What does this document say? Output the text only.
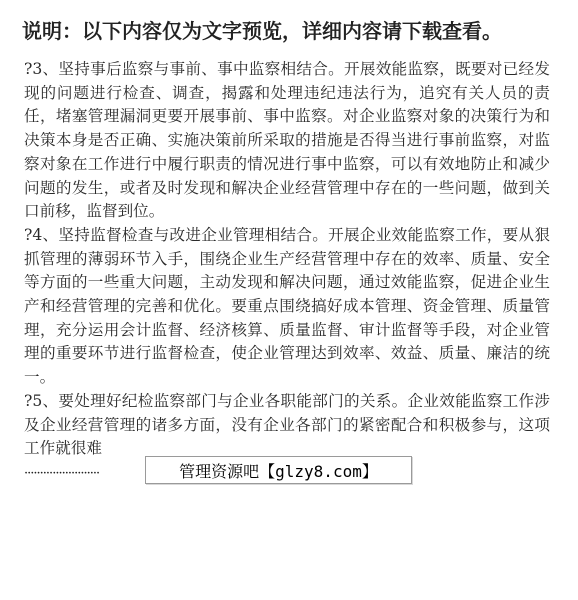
说明：以下内容仅为文字预览，详细内容请下载查看。

?3、坚持事后监察与事前、事中监察相结合。开展效能监察，既要对已经发现的问题进行检查、调查，揭露和处理违纪违法行为，追究有关人员的责任，堵塞管理漏洞更要开展事前、事中监察。对企业监察对象的决策行为和决策本身是否正确、实施决策前所采取的措施是否得当进行事前监察，对监察对象在工作进行中履行职责的情况进行事中监察，可以有效地防止和减少问题的发生，或者及时发现和解决企业经营管理中存在的一些问题，做到关口前移，监督到位。

?4、坚持监督检查与改进企业管理相结合。开展企业效能监察工作，要从狠抓管理的薄弱环节入手，围绕企业生产经营管理中存在的效率、质量、安全等方面的一些重大问题，主动发现和解决问题，通过效能监察，促进企业生产和经营管理的完善和优化。要重点围绕搞好成本管理、资金管理、质量管理，充分运用会计监督、经济核算、质量监督、审计监督等手段，对企业管理的重要环节进行监督检查，使企业管理达到效率、效益、质量、廉洁的统一。

?5、要处理好纪检监察部门与企业各职能部门的关系。企业效能监察工作涉及企业经营管理的诸多方面，没有企业各部门的紧密配合和积极参与，这项工作就很难

························	管理资源吧【glzy8.com】
